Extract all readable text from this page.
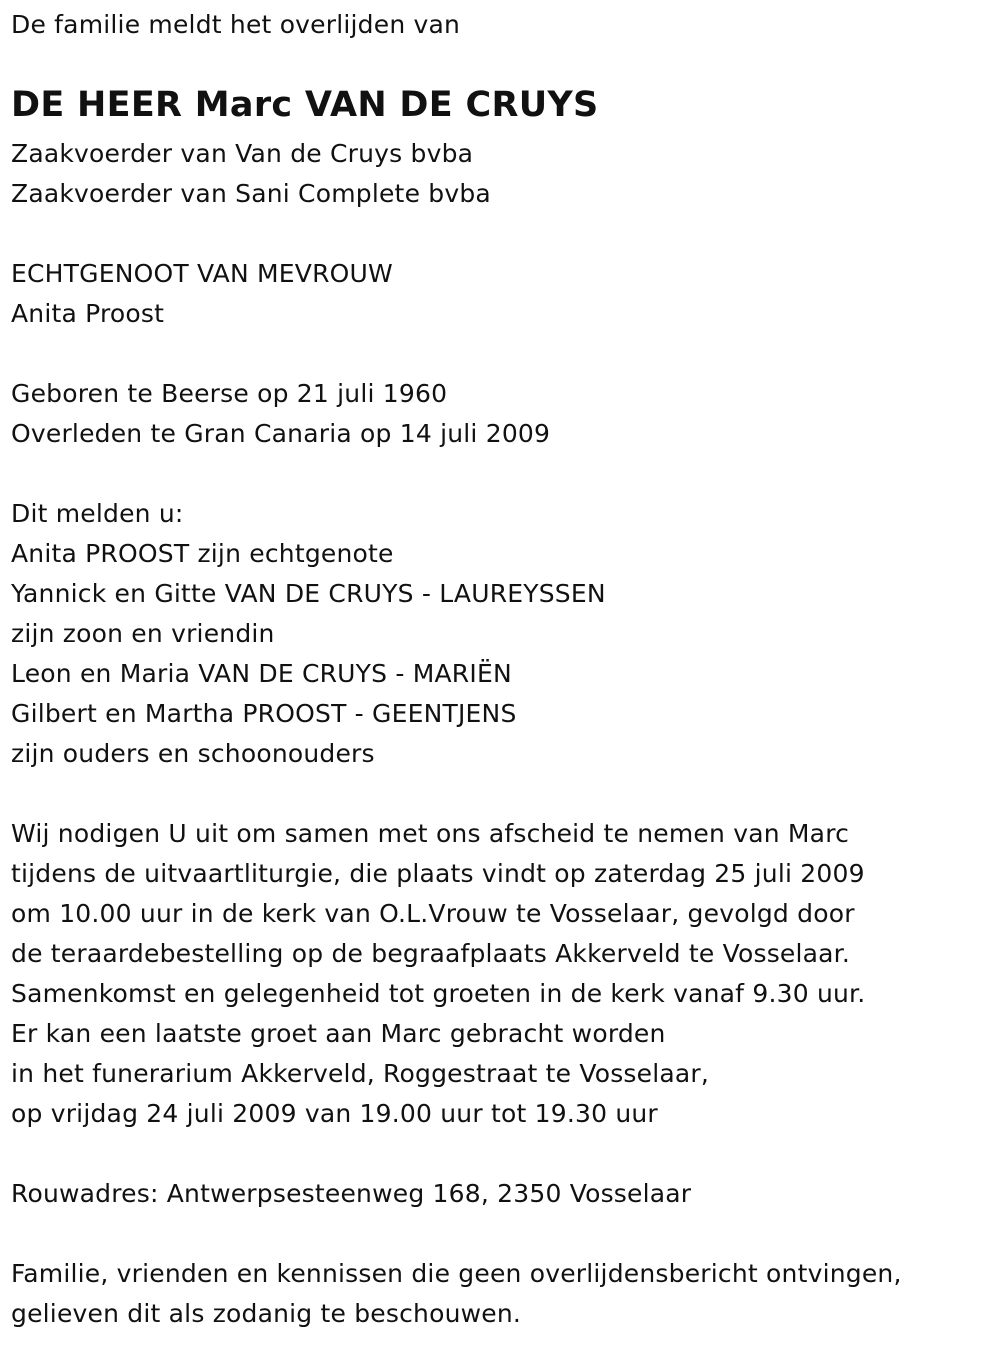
De familie meldt het overlijden van
DE HEER Marc VAN DE CRUYS
Zaakvoerder van Van de Cruys bvba
Zaakvoerder van Sani Complete bvba
ECHTGENOOT VAN MEVROUW
Anita Proost
Geboren te Beerse op 21 juli 1960
Overleden te Gran Canaria op 14 juli 2009
Dit melden u:
Anita PROOST zijn echtgenote
Yannick en Gitte VAN DE CRUYS - LAUREYSSEN
zijn zoon en vriendin
Leon en Maria VAN DE CRUYS - MARIËN
Gilbert en Martha PROOST - GEENTJENS
zijn ouders en schoonouders
Wij nodigen U uit om samen met ons afscheid te nemen van Marc
tijdens de uitvaartliturgie, die plaats vindt op zaterdag 25 juli 2009
om 10.00 uur in de kerk van O.L.Vrouw te Vosselaar, gevolgd door
de teraardebestelling op de begraafplaats Akkerveld te Vosselaar.
Samenkomst en gelegenheid tot groeten in de kerk vanaf 9.30 uur.
Er kan een laatste groet aan Marc gebracht worden
in het funerarium Akkerveld, Roggestraat te Vosselaar,
op vrijdag 24 juli 2009 van 19.00 uur tot 19.30 uur
Rouwadres: Antwerpsesteenweg 168, 2350 Vosselaar
Familie, vrienden en kennissen die geen overlijdensbericht ontvingen,
gelieven dit als zodanig te beschouwen.
